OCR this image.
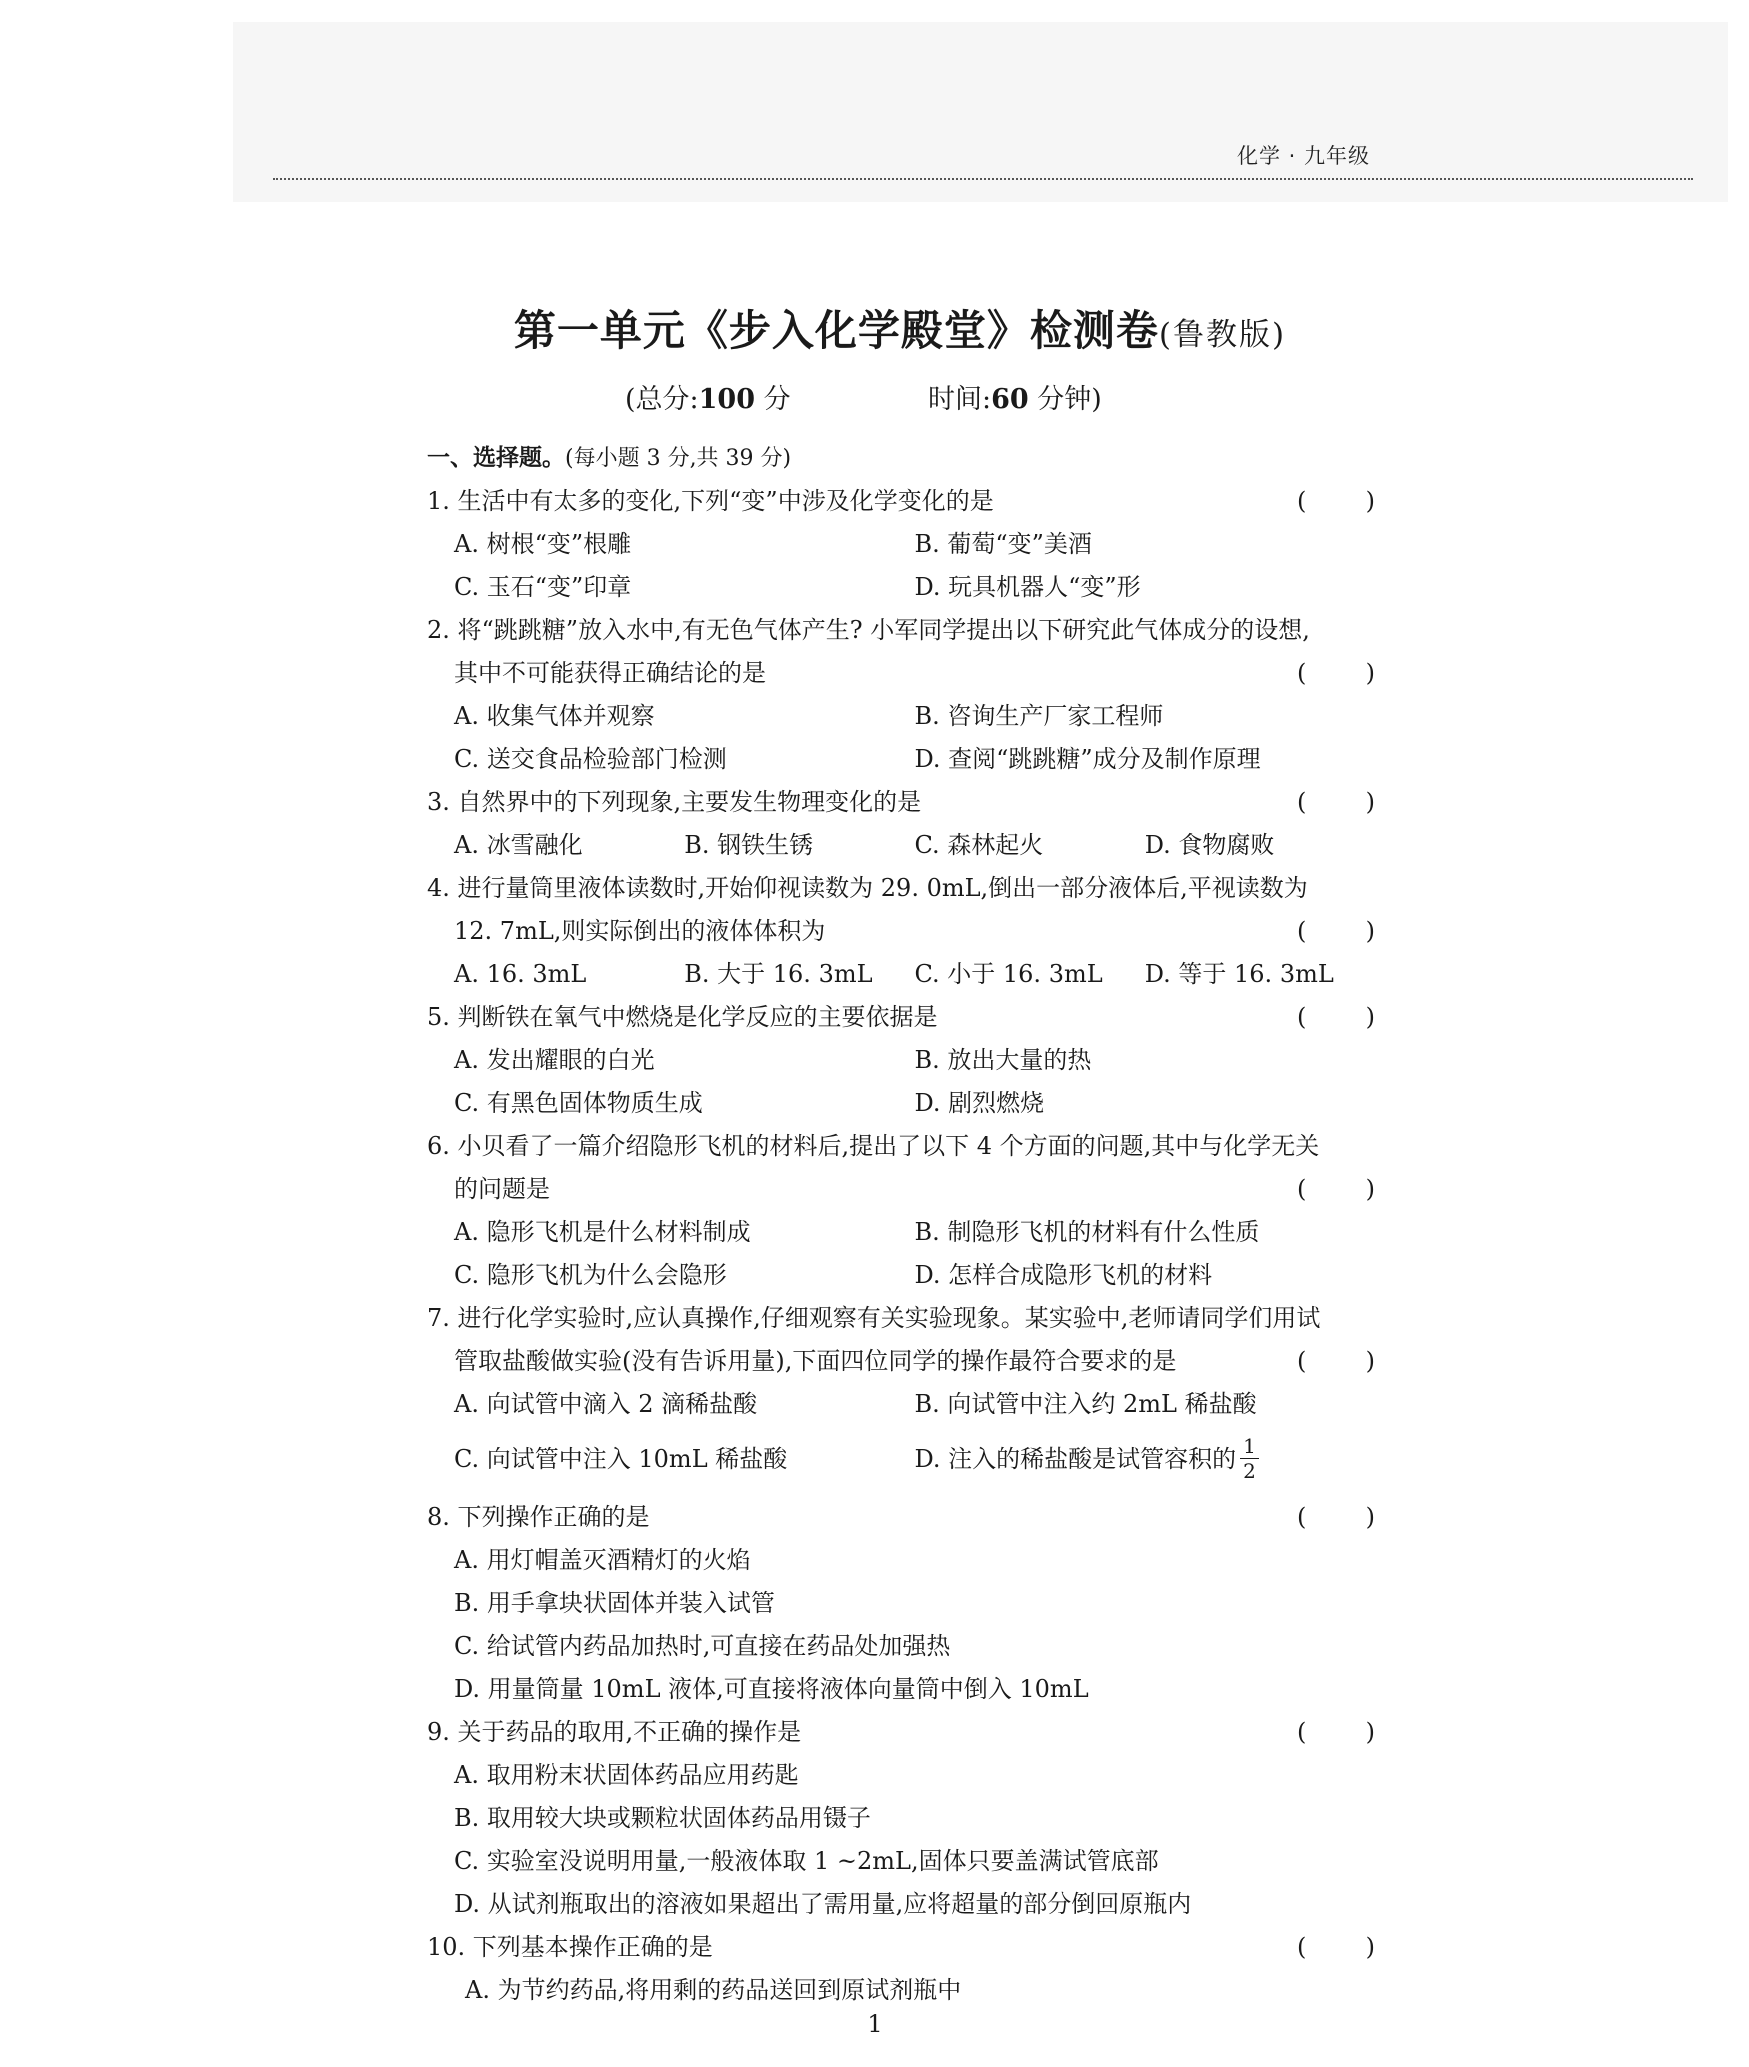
化学 · 九年级
第一单元《步入化学殿堂》检测卷(鲁教版)
(总分:100 分	时间:60 分钟)
一、选择题。(每小题 3 分,共 39 分)
1. 生活中有太多的变化,下列“变”中涉及化学变化的是	( )
A. 树根“变”根雕	B. 葡萄“变”美酒
C. 玉石“变”印章	D. 玩具机器人“变”形
2. 将“跳跳糖”放入水中,有无色气体产生? 小军同学提出以下研究此气体成分的设想,
其中不可能获得正确结论的是	( )
A. 收集气体并观察	B. 咨询生产厂家工程师
C. 送交食品检验部门检测	D. 查阅“跳跳糖”成分及制作原理
3. 自然界中的下列现象,主要发生物理变化的是	( )
A. 冰雪融化	B. 钢铁生锈	C. 森林起火	D. 食物腐败
4. 进行量筒里液体读数时,开始仰视读数为 29. 0mL,倒出一部分液体后,平视读数为
12. 7mL,则实际倒出的液体体积为	( )
A. 16. 3mL	B. 大于 16. 3mL	C. 小于 16. 3mL	D. 等于 16. 3mL
5. 判断铁在氧气中燃烧是化学反应的主要依据是	( )
A. 发出耀眼的白光	B. 放出大量的热
C. 有黑色固体物质生成	D. 剧烈燃烧
6. 小贝看了一篇介绍隐形飞机的材料后,提出了以下 4 个方面的问题,其中与化学无关
的问题是	( )
A. 隐形飞机是什么材料制成	B. 制隐形飞机的材料有什么性质
C. 隐形飞机为什么会隐形	D. 怎样合成隐形飞机的材料
7. 进行化学实验时,应认真操作,仔细观察有关实验现象。某实验中,老师请同学们用试
管取盐酸做实验(没有告诉用量),下面四位同学的操作最符合要求的是	( )
A. 向试管中滴入 2 滴稀盐酸	B. 向试管中注入约 2mL 稀盐酸
C. 向试管中注入 10mL 稀盐酸	D. 注入的稀盐酸是试管容积的 $\frac{1}{2}$
8. 下列操作正确的是	( )
A. 用灯帽盖灭酒精灯的火焰
B. 用手拿块状固体并装入试管
C. 给试管内药品加热时,可直接在药品处加强热
D. 用量筒量 10mL 液体,可直接将液体向量筒中倒入 10mL
9. 关于药品的取用,不正确的操作是	( )
A. 取用粉末状固体药品应用药匙
B. 取用较大块或颗粒状固体药品用镊子
C. 实验室没说明用量,一般液体取 1 ~2mL,固体只要盖满试管底部
D. 从试剂瓶取出的溶液如果超出了需用量,应将超量的部分倒回原瓶内
10. 下列基本操作正确的是	( )
A. 为节约药品,将用剩的药品送回到原试剂瓶中
1
